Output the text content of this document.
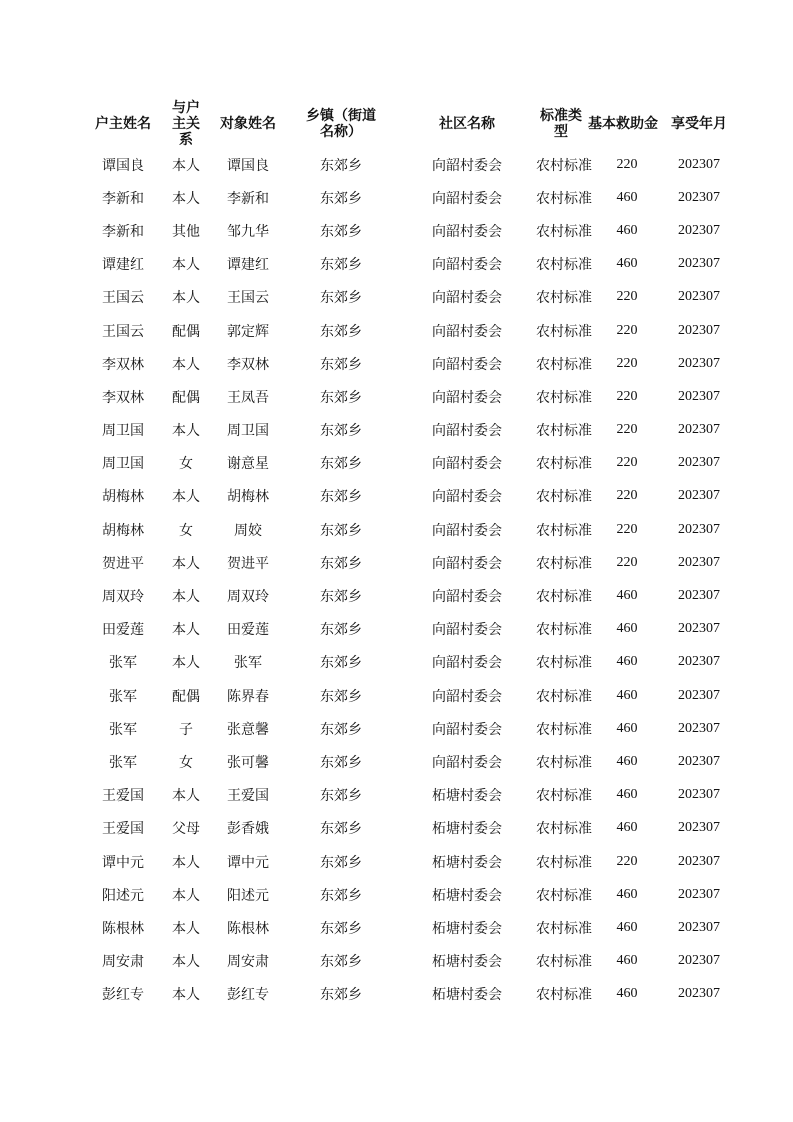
户主姓名	与户主关系	对象姓名	乡镇（街道名称）	社区名称	标准类型	基本救助金	享受年月
谭国良	本人	谭国良	东郊乡	向韶村委会	农村标准	220	202307
李新和	本人	李新和	东郊乡	向韶村委会	农村标准	460	202307
李新和	其他	邹九华	东郊乡	向韶村委会	农村标准	460	202307
谭建红	本人	谭建红	东郊乡	向韶村委会	农村标准	460	202307
王国云	本人	王国云	东郊乡	向韶村委会	农村标准	220	202307
王国云	配偶	郭定辉	东郊乡	向韶村委会	农村标准	220	202307
李双林	本人	李双林	东郊乡	向韶村委会	农村标准	220	202307
李双林	配偶	王凤吾	东郊乡	向韶村委会	农村标准	220	202307
周卫国	本人	周卫国	东郊乡	向韶村委会	农村标准	220	202307
周卫国	女	谢意星	东郊乡	向韶村委会	农村标准	220	202307
胡梅林	本人	胡梅林	东郊乡	向韶村委会	农村标准	220	202307
胡梅林	女	周姣	东郊乡	向韶村委会	农村标准	220	202307
贺进平	本人	贺进平	东郊乡	向韶村委会	农村标准	220	202307
周双玲	本人	周双玲	东郊乡	向韶村委会	农村标准	460	202307
田爱莲	本人	田爱莲	东郊乡	向韶村委会	农村标准	460	202307
张军	本人	张军	东郊乡	向韶村委会	农村标准	460	202307
张军	配偶	陈界春	东郊乡	向韶村委会	农村标准	460	202307
张军	子	张意馨	东郊乡	向韶村委会	农村标准	460	202307
张军	女	张可馨	东郊乡	向韶村委会	农村标准	460	202307
王爱国	本人	王爱国	东郊乡	柘塘村委会	农村标准	460	202307
王爱国	父母	彭香娥	东郊乡	柘塘村委会	农村标准	460	202307
谭中元	本人	谭中元	东郊乡	柘塘村委会	农村标准	220	202307
阳述元	本人	阳述元	东郊乡	柘塘村委会	农村标准	460	202307
陈根林	本人	陈根林	东郊乡	柘塘村委会	农村标准	460	202307
周安肃	本人	周安肃	东郊乡	柘塘村委会	农村标准	460	202307
彭红专	本人	彭红专	东郊乡	柘塘村委会	农村标准	460	202307
